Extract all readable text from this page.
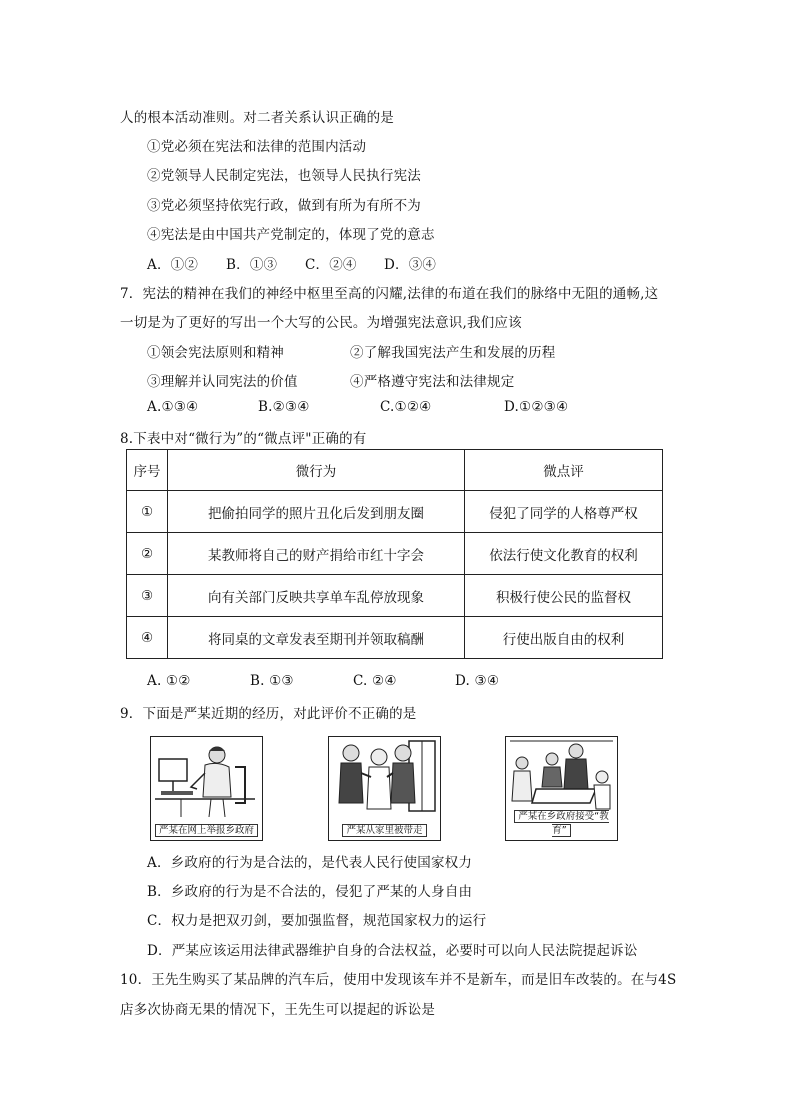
人的根本活动准则。对二者关系认识正确的是
①党必须在宪法和法律的范围内活动
②党领导人民制定宪法，也领导人民执行宪法
③党必须坚持依宪行政，做到有所为有所不为
④宪法是由中国共产党制定的，体现了党的意志
A．①② B．①③ C．②④ D．③④
7．宪法的精神在我们的神经中枢里至高的闪耀,法律的布道在我们的脉络中无阻的通畅,这
一切是为了更好的写出一个大写的公民。为增强宪法意识,我们应该
①领会宪法原则和精神	②了解我国宪法产生和发展的历程
③理解并认同宪法的价值	④严格遵守宪法和法律规定
A.①③④	B.②③④	C.①②④	D.①②③④
8.下表中对“微行为”的“微点评"正确的有
序号	微行为	微点评
①	把偷拍同学的照片丑化后发到朋友圈	侵犯了同学的人格尊严权
②	某教师将自己的财产捐给市红十字会	依法行使文化教育的权利
③	向有关部门反映共享单车乱停放现象	积极行使公民的监督权
④	将同桌的文章发表至期刊并领取稿酬	行使出版自由的权利
A. ①②	B. ①③	C. ②④	D. ③④
9．下面是严某近期的经历，对此评价不正确的是
严某在网上举报乡政府	严某从家里被带走
严某在乡政府接受“教育”
A．乡政府的行为是合法的，是代表人民行使国家权力
B．乡政府的行为是不合法的，侵犯了严某的人身自由
C．权力是把双刃剑，要加强监督，规范国家权力的运行
D．严某应该运用法律武器维护自身的合法权益，必要时可以向人民法院提起诉讼
10．王先生购买了某品牌的汽车后，使用中发现该车并不是新车，而是旧车改装的。在与4S
店多次协商无果的情况下，王先生可以提起的诉讼是
